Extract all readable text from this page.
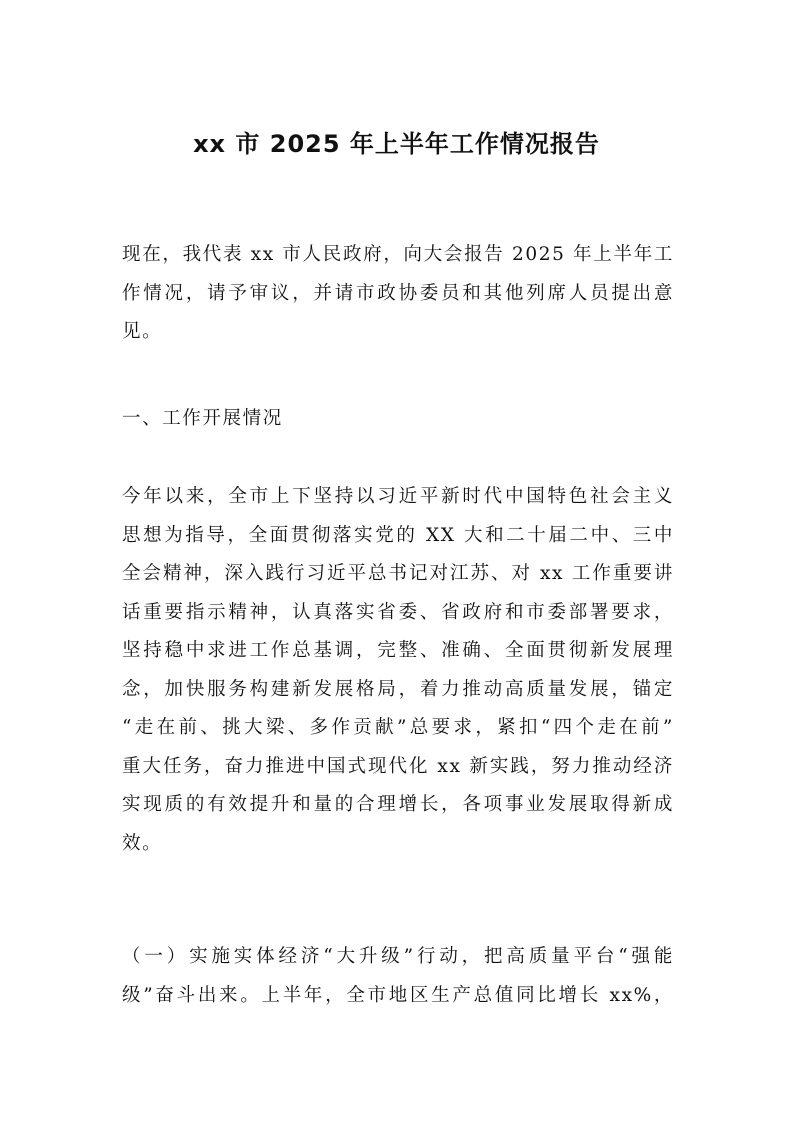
xx 市 2025 年上半年工作情况报告
现在，我代表 xx 市人民政府，向大会报告 2025 年上半年工
作情况，请予审议，并请市政协委员和其他列席人员提出意
见。
一、工作开展情况
今年以来，全市上下坚持以习近平新时代中国特色社会主义
思想为指导，全面贯彻落实党的 XX 大和二十届二中、三中
全会精神，深入践行习近平总书记对江苏、对 xx 工作重要讲
话重要指示精神，认真落实省委、省政府和市委部署要求，
坚持稳中求进工作总基调，完整、准确、全面贯彻新发展理
念，加快服务构建新发展格局，着力推动高质量发展，锚定
“走在前、挑大梁、多作贡献”总要求，紧扣“四个走在前”
重大任务，奋力推进中国式现代化 xx 新实践，努力推动经济
实现质的有效提升和量的合理增长，各项事业发展取得新成
效。
（一）实施实体经济“大升级”行动，把高质量平台“强能
级”奋斗出来。上半年，全市地区生产总值同比增长 xx%，
